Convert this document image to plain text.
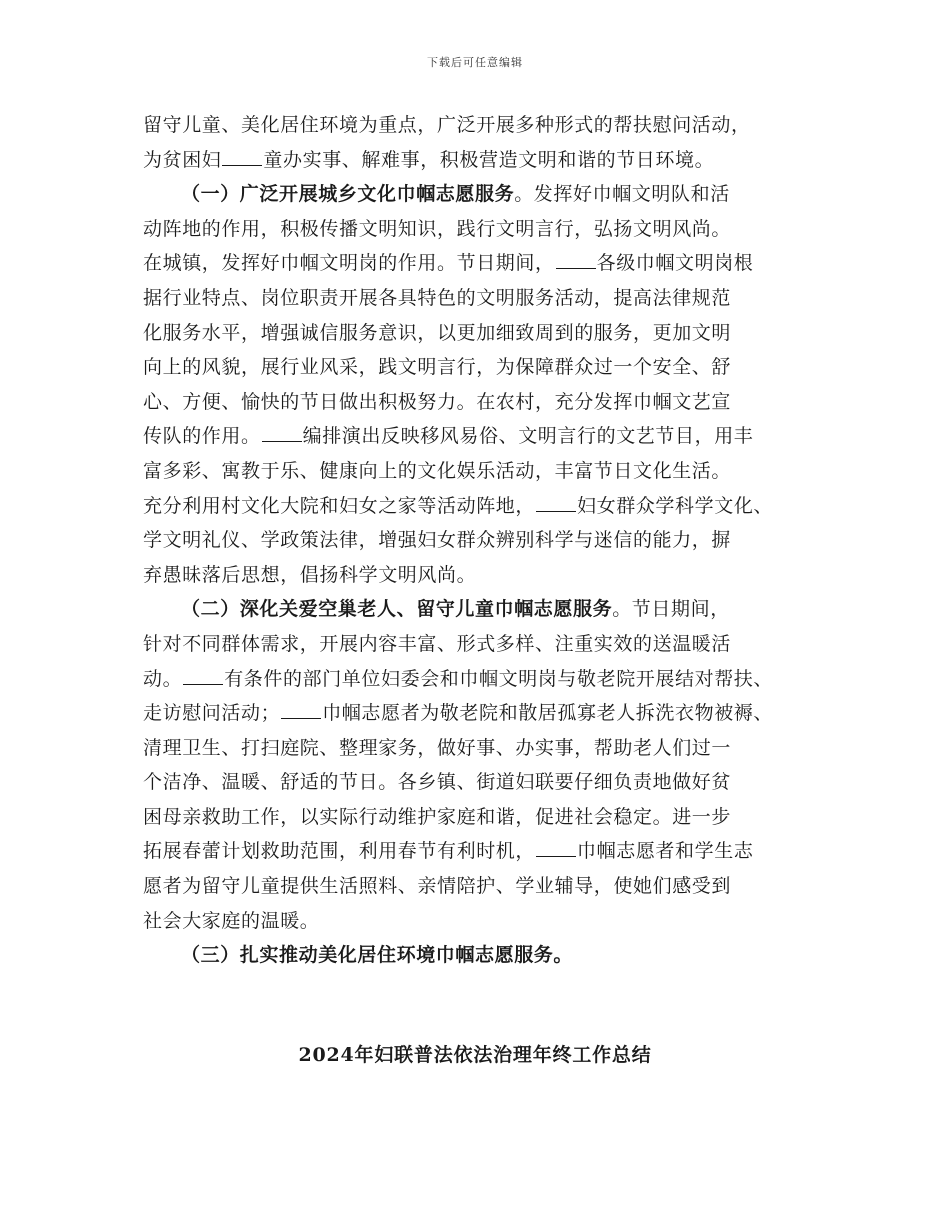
下载后可任意编辑
留守儿童、美化居住环境为重点，广泛开展多种形式的帮扶慰问活动，
为贫困妇 童办实事、解难事，积极营造文明和谐的节日环境。
（一）广泛开展城乡文化巾帼志愿服务。发挥好巾帼文明队和活
动阵地的作用，积极传播文明知识，践行文明言行，弘扬文明风尚。
在城镇，发挥好巾帼文明岗的作用。节日期间， 各级巾帼文明岗根
据行业特点、岗位职责开展各具特色的文明服务活动，提高法律规范
化服务水平，增强诚信服务意识，以更加细致周到的服务，更加文明
向上的风貌，展行业风采，践文明言行，为保障群众过一个安全、舒
心、方便、愉快的节日做出积极努力。在农村，充分发挥巾帼文艺宣
传队的作用。 编排演出反映移风易俗、文明言行的文艺节目，用丰
富多彩、寓教于乐、健康向上的文化娱乐活动，丰富节日文化生活。
充分利用村文化大院和妇女之家等活动阵地， 妇女群众学科学文化、
学文明礼仪、学政策法律，增强妇女群众辨别科学与迷信的能力，摒
弃愚昧落后思想，倡扬科学文明风尚。
（二）深化关爱空巢老人、留守儿童巾帼志愿服务。节日期间，
针对不同群体需求，开展内容丰富、形式多样、注重实效的送温暖活
动。 有条件的部门单位妇委会和巾帼文明岗与敬老院开展结对帮扶、
走访慰问活动； 巾帼志愿者为敬老院和散居孤寡老人拆洗衣物被褥、
清理卫生、打扫庭院、整理家务，做好事、办实事，帮助老人们过一
个洁净、温暖、舒适的节日。各乡镇、街道妇联要仔细负责地做好贫
困母亲救助工作，以实际行动维护家庭和谐，促进社会稳定。进一步
拓展春蕾计划救助范围，利用春节有利时机， 巾帼志愿者和学生志
愿者为留守儿童提供生活照料、亲情陪护、学业辅导，使她们感受到
社会大家庭的温暖。
（三）扎实推动美化居住环境巾帼志愿服务。
2024年妇联普法依法治理年终工作总结
